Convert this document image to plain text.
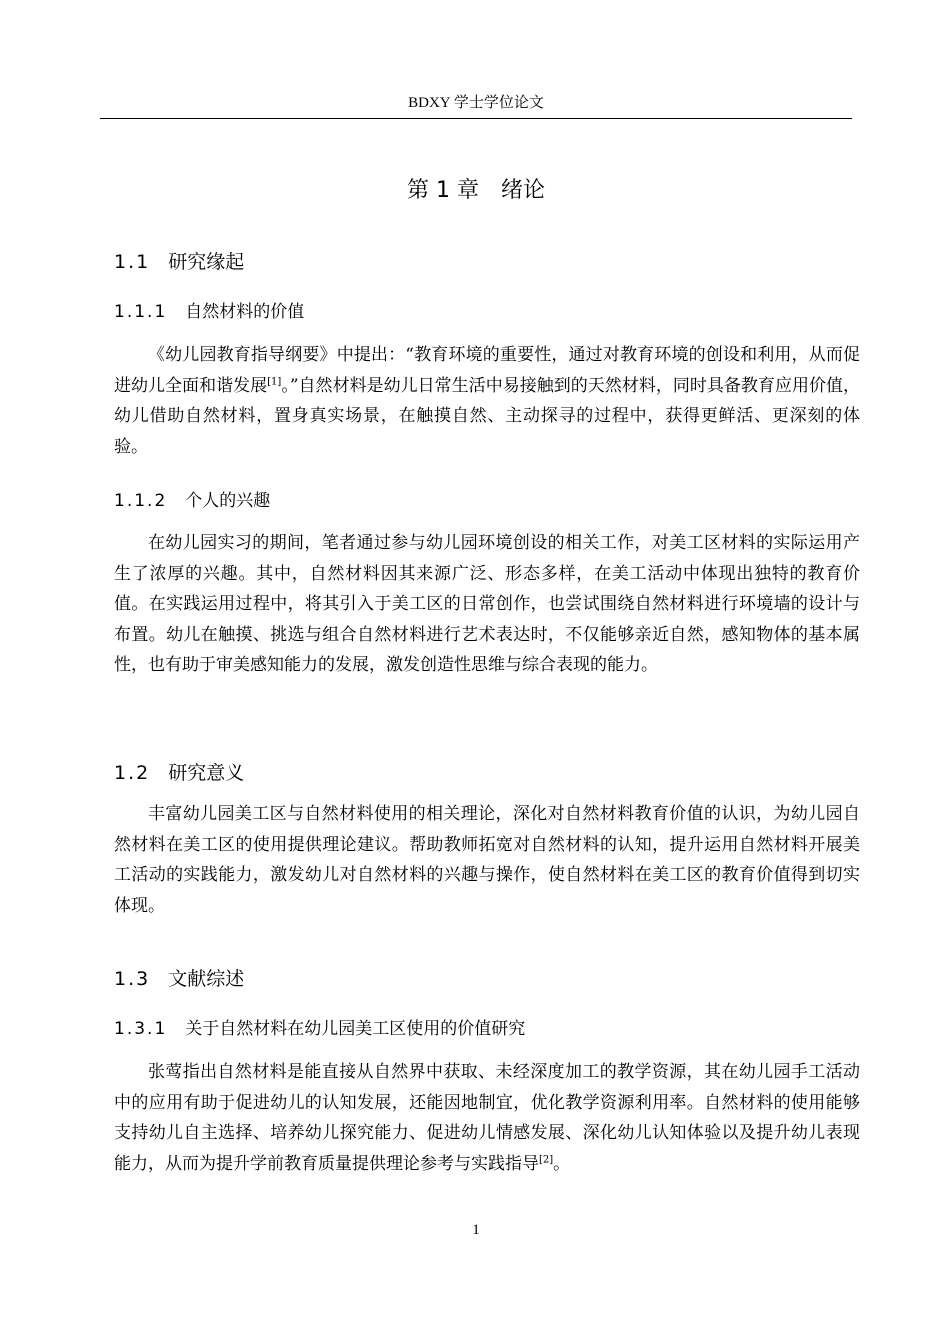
BDXY 学士学位论文
第 1 章　绪论
1.1 研究缘起
1.1.1 自然材料的价值

《幼儿园教育指导纲要》中提出：“教育环境的重要性，通过对教育环境的创设和利用，从而促进幼儿全面和谐发展[1]。”自然材料是幼儿日常生活中易接触到的天然材料，同时具备教育应用价值，幼儿借助自然材料，置身真实场景，在触摸自然、主动探寻的过程中，获得更鲜活、更深刻的体验。

1.1.2 个人的兴趣

在幼儿园实习的期间，笔者通过参与幼儿园环境创设的相关工作，对美工区材料的实际运用产生了浓厚的兴趣。其中，自然材料因其来源广泛、形态多样，在美工活动中体现出独特的教育价值。在实践运用过程中，将其引入于美工区的日常创作，也尝试围绕自然材料进行环境墙的设计与布置。幼儿在触摸、挑选与组合自然材料进行艺术表达时，不仅能够亲近自然，感知物体的基本属性，也有助于审美感知能力的发展，激发创造性思维与综合表现的能力。

1.2 研究意义

丰富幼儿园美工区与自然材料使用的相关理论，深化对自然材料教育价值的认识，为幼儿园自然材料在美工区的使用提供理论建议。帮助教师拓宽对自然材料的认知，提升运用自然材料开展美工活动的实践能力，激发幼儿对自然材料的兴趣与操作，使自然材料在美工区的教育价值得到切实体现。

1.3 文献综述
1.3.1 关于自然材料在幼儿园美工区使用的价值研究

张莺指出自然材料是能直接从自然界中获取、未经深度加工的教学资源，其在幼儿园手工活动中的应用有助于促进幼儿的认知发展，还能因地制宜，优化教学资源利用率。自然材料的使用能够支持幼儿自主选择、培养幼儿探究能力、促进幼儿情感发展、深化幼儿认知体验以及提升幼儿表现能力，从而为提升学前教育质量提供理论参考与实践指导[2]。

1
